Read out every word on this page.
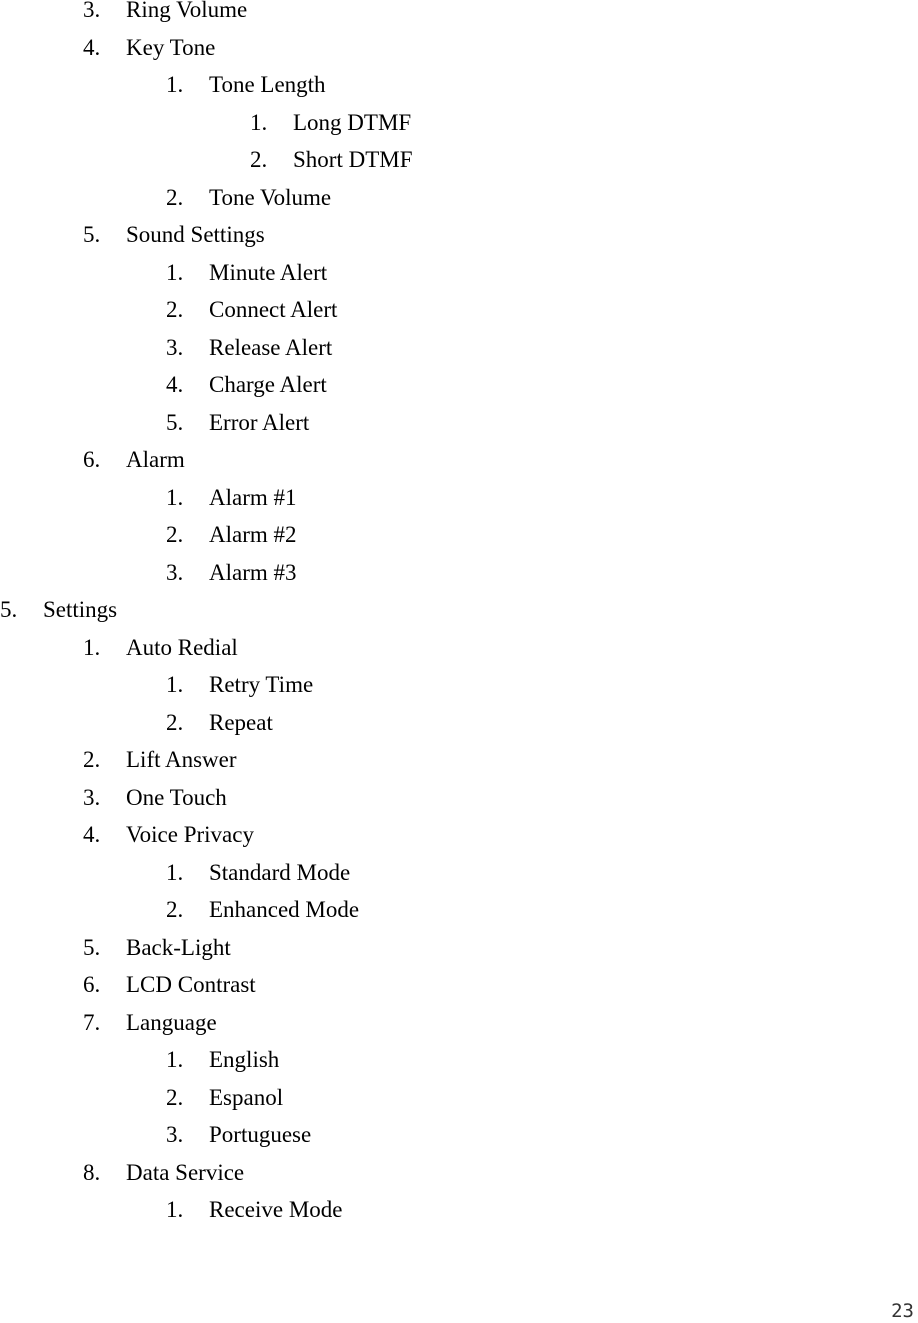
3. Ring Volume
4. Key Tone
1. Tone Length
1. Long DTMF
2. Short DTMF
2. Tone Volume
5. Sound Settings
1. Minute Alert
2. Connect Alert
3. Release Alert
4. Charge Alert
5. Error Alert
6. Alarm
1. Alarm #1
2. Alarm #2
3. Alarm #3
5. Settings
1. Auto Redial
1. Retry Time
2. Repeat
2. Lift Answer
3. One Touch
4. Voice Privacy
1. Standard Mode
2. Enhanced Mode
5. Back-Light
6. LCD Contrast
7. Language
1. English
2. Espanol
3. Portuguese
8. Data Service
1. Receive Mode
23
